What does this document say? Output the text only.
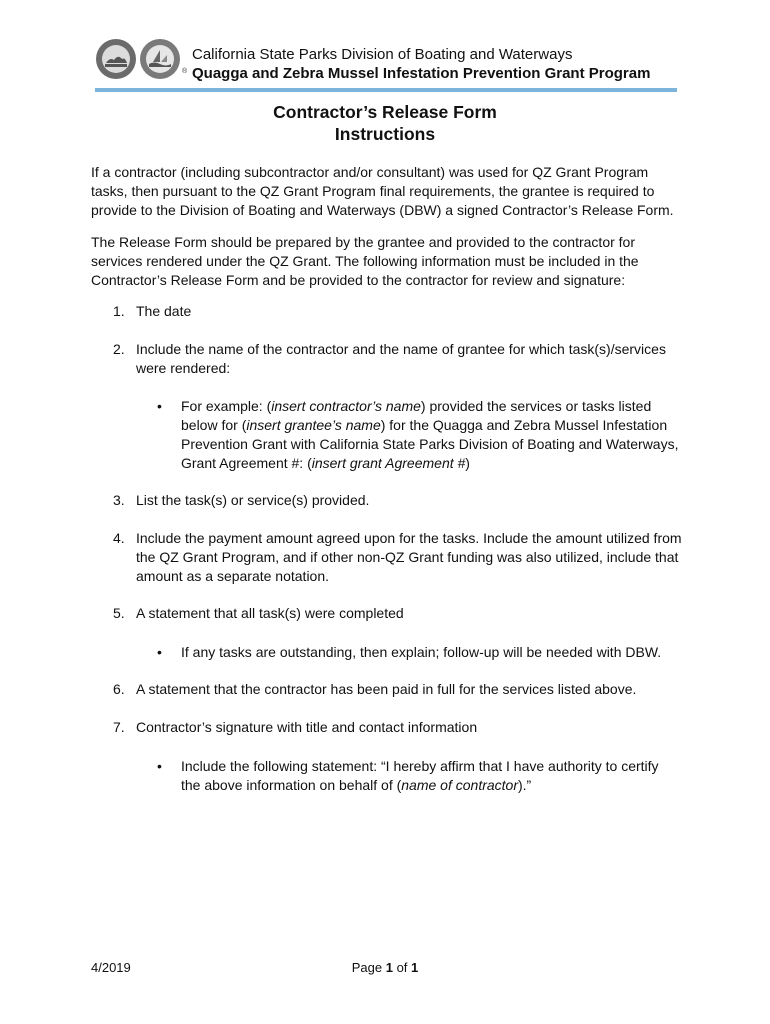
®
California State Parks Division of Boating and Waterways
Quagga and Zebra Mussel Infestation Prevention Grant Program
Contractor’s Release Form
Instructions
If a contractor (including subcontractor and/or consultant) was used for QZ Grant Program
tasks, then pursuant to the QZ Grant Program final requirements, the grantee is required to
provide to the Division of Boating and Waterways (DBW) a signed Contractor’s Release Form.
The Release Form should be prepared by the grantee and provided to the contractor for
services rendered under the QZ Grant. The following information must be included in the
Contractor’s Release Form and be provided to the contractor for review and signature:
1. The date
2. Include the name of the contractor and the name of grantee for which task(s)/services
were rendered:
• For example: (insert contractor’s name) provided the services or tasks listed
below for (insert grantee’s name) for the Quagga and Zebra Mussel Infestation
Prevention Grant with California State Parks Division of Boating and Waterways,
Grant Agreement #: (insert grant Agreement #)
3. List the task(s) or service(s) provided.
4. Include the payment amount agreed upon for the tasks. Include the amount utilized from
the QZ Grant Program, and if other non-QZ Grant funding was also utilized, include that
amount as a separate notation.
5. A statement that all task(s) were completed
• If any tasks are outstanding, then explain; follow-up will be needed with DBW.
6. A statement that the contractor has been paid in full for the services listed above.
7. Contractor’s signature with title and contact information
• Include the following statement: “I hereby affirm that I have authority to certify
the above information on behalf of (name of contractor).”
4/2019	Page 1 of 1
